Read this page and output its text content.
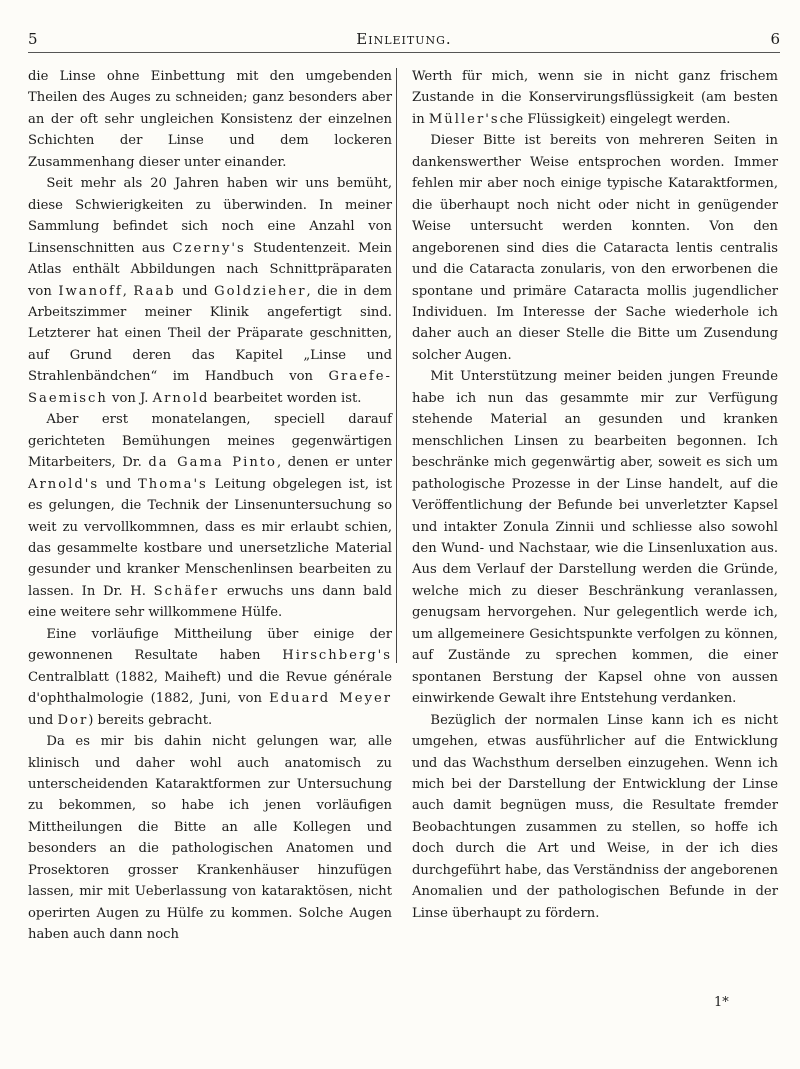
5	Einleitung.	6

die Linse ohne Einbettung mit den umgebenden Theilen des Auges zu schneiden; ganz besonders aber an der oft sehr ungleichen Konsistenz der einzelnen Schichten der Linse und dem lockeren Zusammenhang dieser unter einander.

Seit mehr als 20 Jahren haben wir uns bemüht, diese Schwierigkeiten zu überwinden. In meiner Sammlung befindet sich noch eine Anzahl von Linsenschnitten aus Czerny's Studentenzeit. Mein Atlas enthält Abbildungen nach Schnittpräparaten von Iwanoff, Raab und Goldzieher, die in dem Arbeitszimmer meiner Klinik angefertigt sind. Letzterer hat einen Theil der Präparate geschnitten, auf Grund deren das Kapitel „Linse und Strahlenbändchen“ im Handbuch von Graefe-Saemisch von J. Arnold bearbeitet worden ist.

Aber erst monatelangen, speciell darauf gerichteten Bemühungen meines gegenwärtigen Mitarbeiters, Dr. da Gama Pinto, denen er unter Arnold's und Thoma's Leitung obgelegen ist, ist es gelungen, die Technik der Linsenuntersuchung so weit zu vervollkommnen, dass es mir erlaubt schien, das gesammelte kostbare und unersetzliche Material gesunder und kranker Menschenlinsen bearbeiten zu lassen. In Dr. H. Schäfer erwuchs uns dann bald eine weitere sehr willkommene Hülfe.

Eine vorläufige Mittheilung über einige der gewonnenen Resultate haben Hirschberg's Centralblatt (1882, Maiheft) und die Revue générale d'ophthalmologie (1882, Juni, von Eduard Meyer und Dor) bereits gebracht.

Da es mir bis dahin nicht gelungen war, alle klinisch und daher wohl auch anatomisch zu unterscheidenden Kataraktformen zur Untersuchung zu bekommen, so habe ich jenen vorläufigen Mittheilungen die Bitte an alle Kollegen und besonders an die pathologischen Anatomen und Prosektoren grosser Krankenhäuser hinzufügen lassen, mir mit Ueberlassung von kataraktösen, nicht operirten Augen zu Hülfe zu kommen. Solche Augen haben auch dann noch

Werth für mich, wenn sie in nicht ganz frischem Zustande in die Konservirungsflüssigkeit (am besten in Müller'sche Flüssigkeit) eingelegt werden.

Dieser Bitte ist bereits von mehreren Seiten in dankenswerther Weise entsprochen worden. Immer fehlen mir aber noch einige typische Kataraktformen, die überhaupt noch nicht oder nicht in genügender Weise untersucht werden konnten. Von den angeborenen sind dies die Cataracta lentis centralis und die Cataracta zonularis, von den erworbenen die spontane und primäre Cataracta mollis jugendlicher Individuen. Im Interesse der Sache wiederhole ich daher auch an dieser Stelle die Bitte um Zusendung solcher Augen.

Mit Unterstützung meiner beiden jungen Freunde habe ich nun das gesammte mir zur Verfügung stehende Material an gesunden und kranken menschlichen Linsen zu bearbeiten begonnen. Ich beschränke mich gegenwärtig aber, soweit es sich um pathologische Prozesse in der Linse handelt, auf die Veröffentlichung der Befunde bei unverletzter Kapsel und intakter Zonula Zinnii und schliesse also sowohl den Wund- und Nachstaar, wie die Linsenluxation aus. Aus dem Verlauf der Darstellung werden die Gründe, welche mich zu dieser Beschränkung veranlassen, genugsam hervorgehen. Nur gelegentlich werde ich, um allgemeinere Gesichtspunkte verfolgen zu können, auf Zustände zu sprechen kommen, die einer spontanen Berstung der Kapsel ohne von aussen einwirkende Gewalt ihre Entstehung verdanken.

Bezüglich der normalen Linse kann ich es nicht umgehen, etwas ausführlicher auf die Entwicklung und das Wachsthum derselben einzugehen. Wenn ich mich bei der Darstellung der Entwicklung der Linse auch damit begnügen muss, die Resultate fremder Beobachtungen zusammen zu stellen, so hoffe ich doch durch die Art und Weise, in der ich dies durchgeführt habe, das Verständniss der angeborenen Anomalien und der pathologischen Befunde in der Linse überhaupt zu fördern.

1*
